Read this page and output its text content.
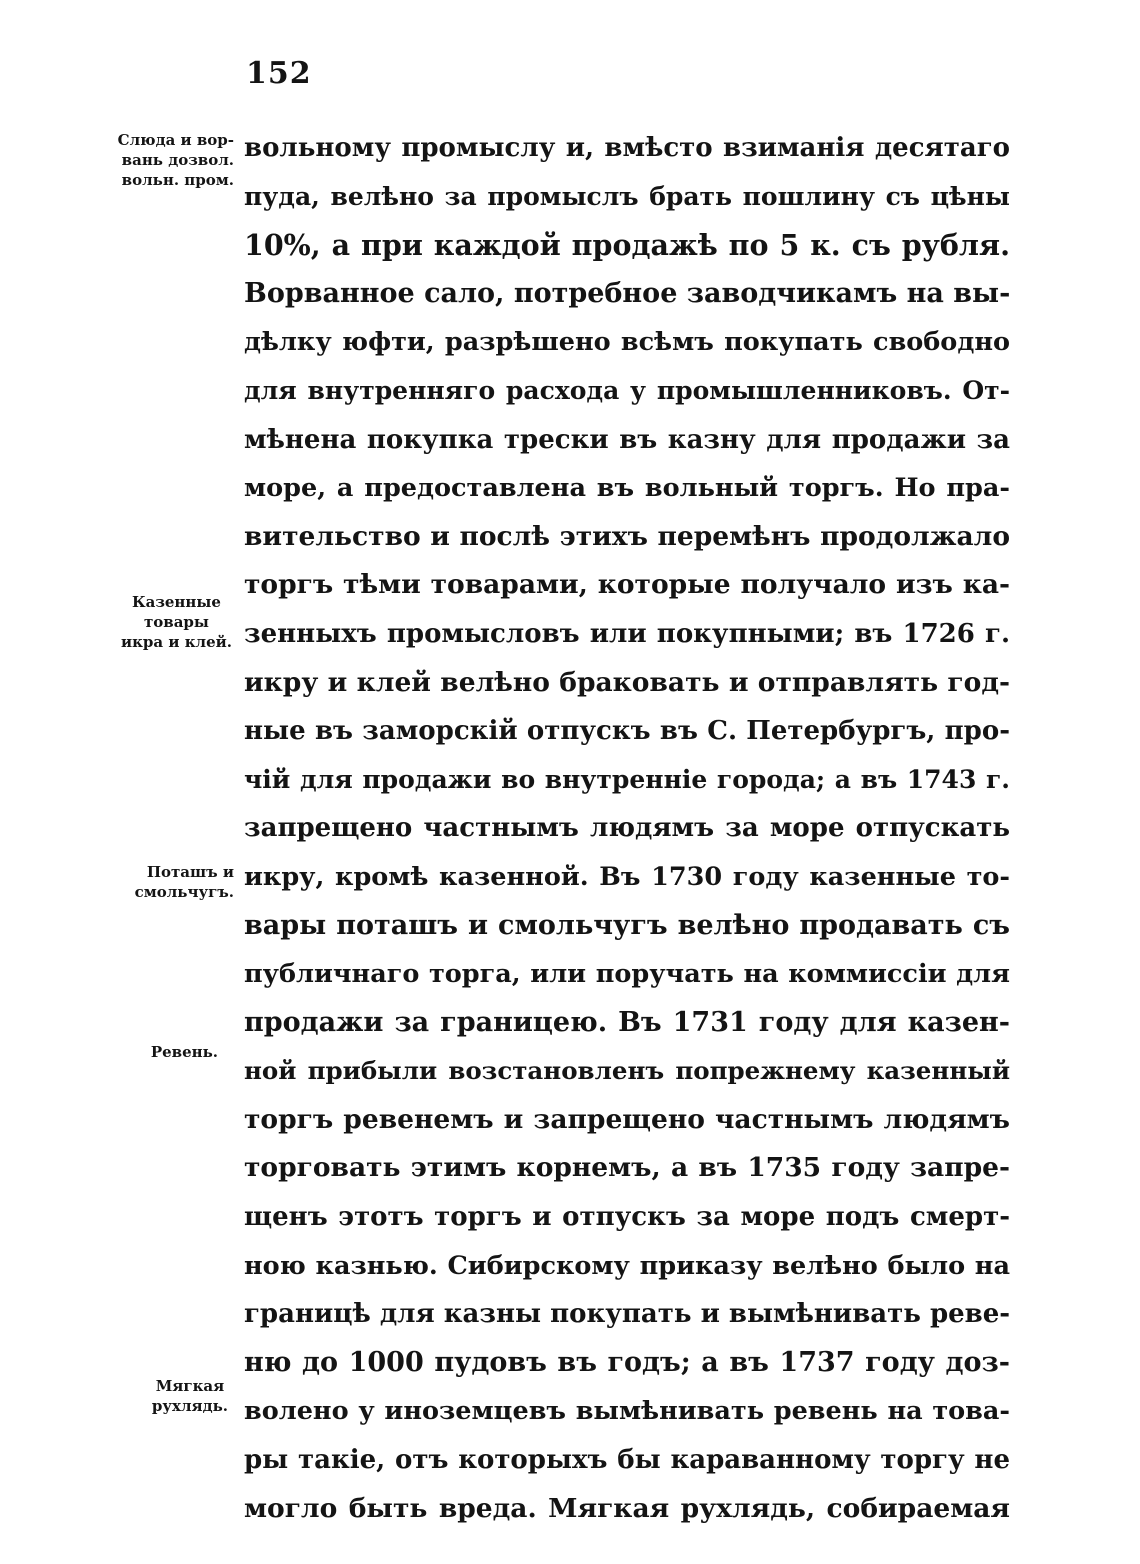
152
Слюда и вор-
вань дозвол.
вольн. пром.
Казенные
товары
икра и клей.
Поташъ и
смольчугъ.
Ревень.
Мягкая
рухлядь.
вольному промыслу и, вмѣсто взиманія десятаго
пуда, велѣно за промыслъ брать пошлину съ цѣны
10%, а при каждой продажѣ по 5 к. съ рубля.
Ворванное сало, потребное заводчикамъ на вы-
дѣлку юфти, разрѣшено всѣмъ покупать свободно
для внутренняго расхода у промышленниковъ. От-
мѣнена покупка трески въ казну для продажи за
море, а предоставлена въ вольный торгъ. Но пра-
вительство и послѣ этихъ перемѣнъ продолжало
торгъ тѣми товарами, которые получало изъ ка-
зенныхъ промысловъ или покупными; въ 1726 г.
икру и клей велѣно браковать и отправлять год-
ные въ заморскій отпускъ въ С. Петербургъ, про-
чій для продажи во внутренніе города; а въ 1743 г.
запрещено частнымъ людямъ за море отпускать
икру, кромѣ казенной. Въ 1730 году казенные то-
вары поташъ и смольчугъ велѣно продавать съ
публичнаго торга, или поручать на коммиссіи для
продажи за границею. Въ 1731 году для казен-
ной прибыли возстановленъ попрежнему казенный
торгъ ревенемъ и запрещено частнымъ людямъ
торговать этимъ корнемъ, а въ 1735 году запре-
щенъ этотъ торгъ и отпускъ за море подъ смерт-
ною казнью. Сибирскому приказу велѣно было на
границѣ для казны покупать и вымѣнивать реве-
ню до 1000 пудовъ въ годъ; а въ 1737 году доз-
волено у иноземцевъ вымѣнивать ревень на това-
ры такіе, отъ которыхъ бы караванному торгу не
могло быть вреда. Мягкая рухлядь, собираемая
